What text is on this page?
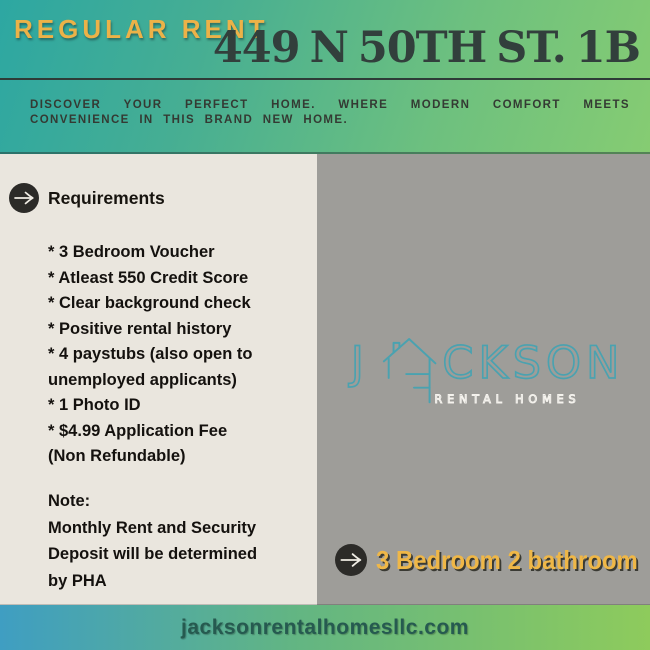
REGULAR RENT
449 N 50TH ST. 1B
DISCOVER YOUR PERFECT HOME. WHERE MODERN COMFORT MEETS
CONVENIENCE IN THIS BRAND NEW HOME.
Requirements
* 3 Bedroom Voucher
* Atleast 550 Credit Score
* Clear background check
* Positive rental history
* 4 paystubs (also open to
unemployed applicants)
* 1 Photo ID
* $4.99 Application Fee
(Non Refundable)
Note:
Monthly Rent and Security
Deposit will be determined
by PHA
J CKSON
RENTAL HOMES
3 Bedroom 2 bathroom
jacksonrentalhomesllc.com
